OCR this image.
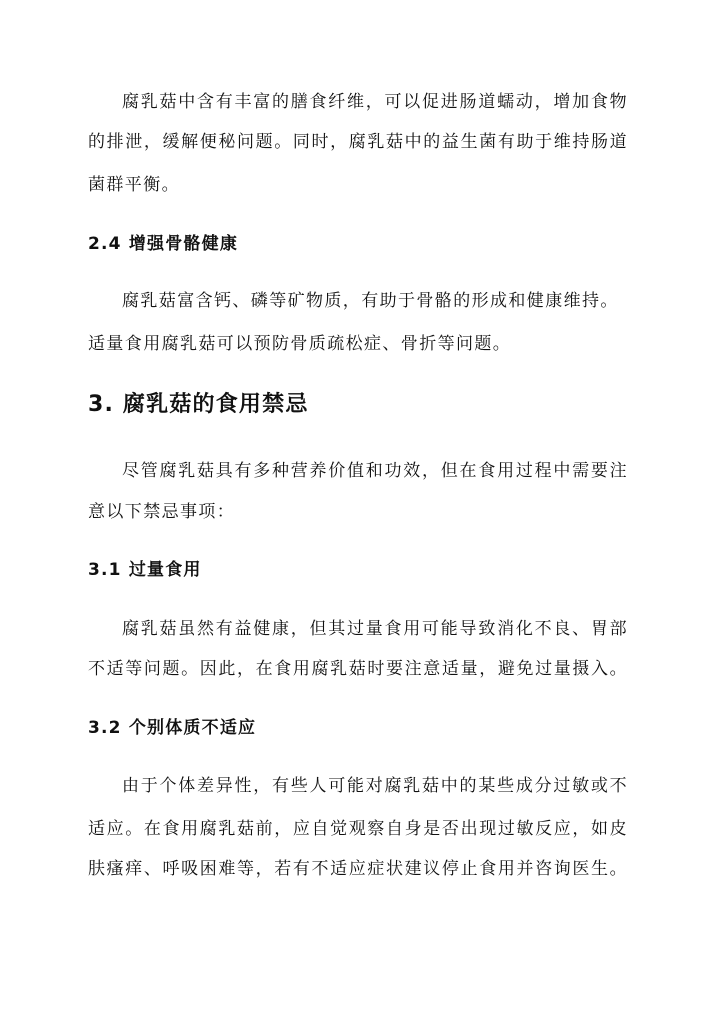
腐乳菇中含有丰富的膳食纤维，可以促进肠道蠕动，增加食物
的排泄，缓解便秘问题。同时，腐乳菇中的益生菌有助于维持肠道
菌群平衡。
2.4 增强骨骼健康
腐乳菇富含钙、磷等矿物质，有助于骨骼的形成和健康维持。
适量食用腐乳菇可以预防骨质疏松症、骨折等问题。
3. 腐乳菇的食用禁忌
尽管腐乳菇具有多种营养价值和功效，但在食用过程中需要注
意以下禁忌事项：
3.1 过量食用
腐乳菇虽然有益健康，但其过量食用可能导致消化不良、胃部
不适等问题。因此，在食用腐乳菇时要注意适量，避免过量摄入。
3.2 个别体质不适应
由于个体差异性，有些人可能对腐乳菇中的某些成分过敏或不
适应。在食用腐乳菇前，应自觉观察自身是否出现过敏反应，如皮
肤瘙痒、呼吸困难等，若有不适应症状建议停止食用并咨询医生。
